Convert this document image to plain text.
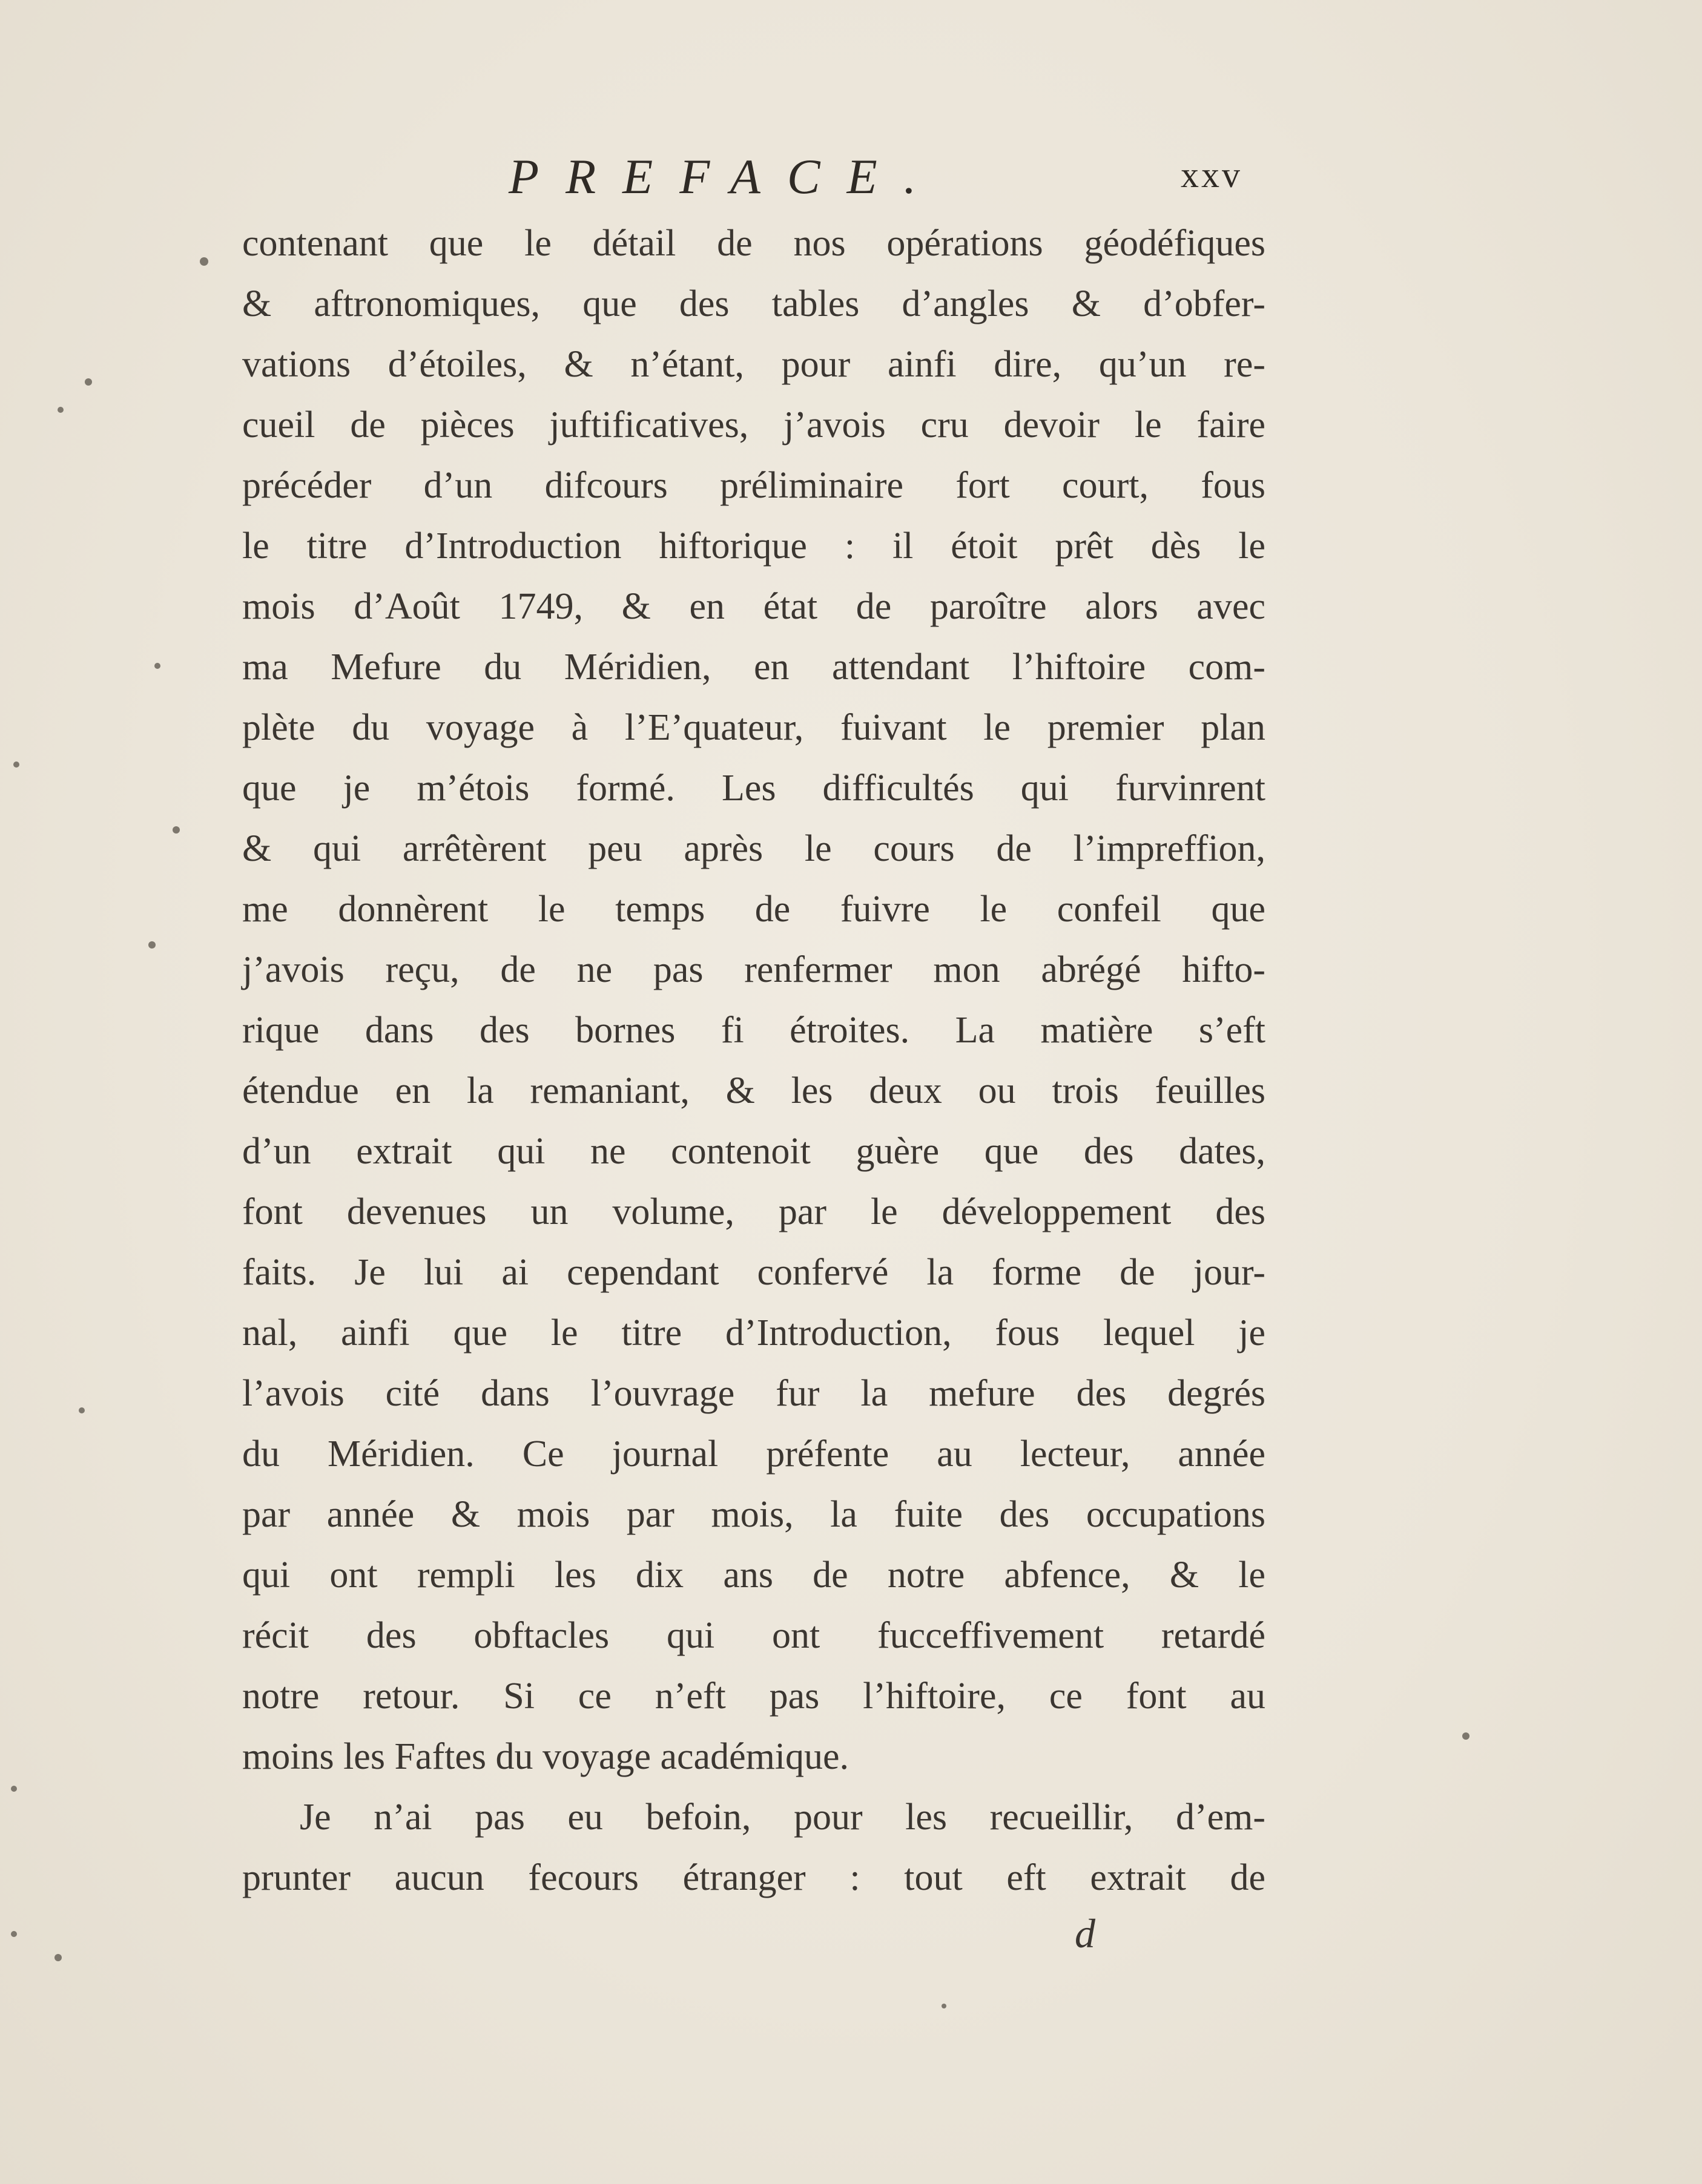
PREFACE.	xxv
contenant que le détail de nos opérations géodéfiques
& aftronomiques, que des tables d’angles & d’obfer-
vations d’étoiles, & n’étant, pour ainfi dire, qu’un re-
cueil de pièces juftificatives, j’avois cru devoir le faire
précéder d’un difcours préliminaire fort court, fous
le titre d’Introduction hiftorique : il étoit prêt dès le
mois d’Août 1749, & en état de paroître alors avec
ma Mefure du Méridien, en attendant l’hiftoire com-
plète du voyage à l’E’quateur, fuivant le premier plan
que je m’étois formé. Les difficultés qui furvinrent
& qui arrêtèrent peu après le cours de l’impreffion,
me donnèrent le temps de fuivre le confeil que
j’avois reçu, de ne pas renfermer mon abrégé hifto-
rique dans des bornes fi étroites. La matière s’eft
étendue en la remaniant, & les deux ou trois feuilles
d’un extrait qui ne contenoit guère que des dates,
font devenues un volume, par le développement des
faits. Je lui ai cependant confervé la forme de jour-
nal, ainfi que le titre d’Introduction, fous lequel je
l’avois cité dans l’ouvrage fur la mefure des degrés
du Méridien. Ce journal préfente au lecteur, année
par année & mois par mois, la fuite des occupations
qui ont rempli les dix ans de notre abfence, & le
récit des obftacles qui ont fucceffivement retardé
notre retour. Si ce n’eft pas l’hiftoire, ce font au
moins les Faftes du voyage académique.
Je n’ai pas eu befoin, pour les recueillir, d’em-
prunter aucun fecours étranger : tout eft extrait de
d
